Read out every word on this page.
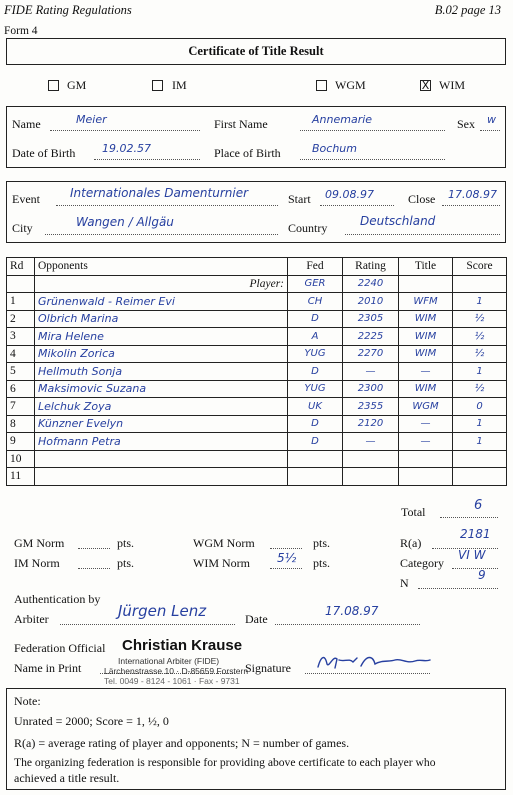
FIDE Rating Regulations	B.02 page 13
Form 4
Certificate of Title Result
GM	IM	WGM	X WIM
Name	Meier	First Name	Annemarie	Sex w
Date of Birth 19.02.57	Place of Birth	Bochum
Event	Internationales Damenturnier	Start 09.08.97	Close 17.08.97
City	Wangen / Allgäu	Country	Deutschland
Rd	Opponents	Fed	Rating	Title	Score
	Player:	GER	2240		
1	Grünenwald - Reimer Evi	CH	2010	WFM	1
2	Olbrich Marina	D	2305	WIM	½
3	Mira Helene	A	2225	WIM	½
4	Mikolin Zorica	YUG	2270	WIM	½
5	Hellmuth Sonja	D	—	—	1
6	Maksimovic Suzana	YUG	2300	WIM	½
7	Lelchuk Zoya	UK	2355	WGM	0
8	Künzner Evelyn	D	2120	—	1
9	Hofmann Petra	D	—	—	1
10					
11					
Total	6
GM Norm	pts.	WGM Norm	pts.	R(a)
2181
IM Norm	pts.	WIM Norm 5½ pts.	Category
VI W
N
9
Authentication by
Arbiter	Jürgen Lenz	Date
17.08.97
Federation Official
Name in Print
Christian Krause
International Arbiter (FIDE)
Lärchenstrasse 10 · D-85659 Forstern
Tel. 0049 - 8124 - 1061 · Fax - 9731
Signature
Note:
Unrated = 2000; Score = 1, ½, 0
R(a) = average rating of player and opponents; N = number of games.
The organizing federation is responsible for providing above certificate to each player who
achieved a title result.
